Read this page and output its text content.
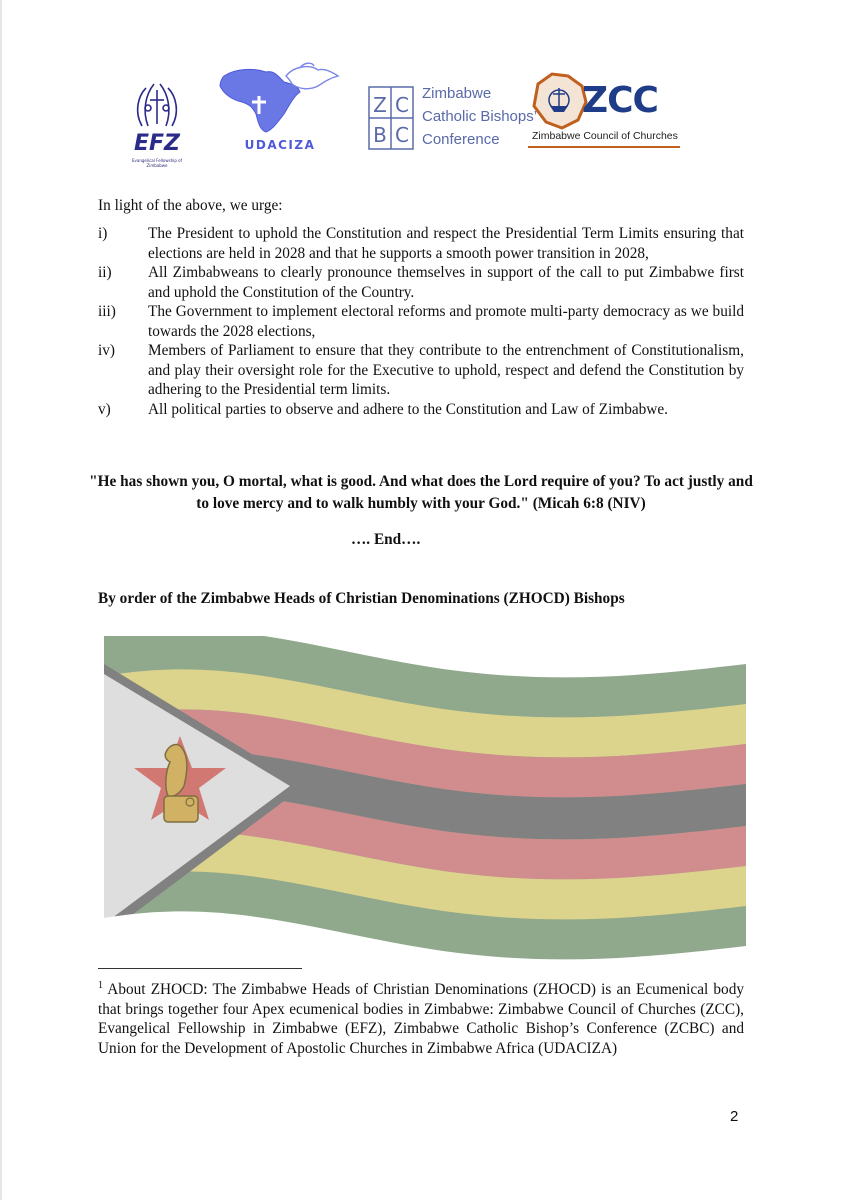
EFZ
Evangelical Fellowship of Zimbabwe
UDACIZA
Z C
B C
Zimbabwe
Catholic Bishops’
Conference
ZCC
Zimbabwe Council of Churches
In light of the above, we urge:
i)	The President to uphold the Constitution and respect the Presidential Term Limits ensuring that elections are held in 2028 and that he supports a smooth power transition in 2028,
ii)	All Zimbabweans to clearly pronounce themselves in support of the call to put Zimbabwe first and uphold the Constitution of the Country.
iii)	The Government to implement electoral reforms and promote multi-party democracy as we build towards the 2028 elections,
iv)	Members of Parliament to ensure that they contribute to the entrenchment of Constitutionalism, and play their oversight role for the Executive to uphold, respect and defend the Constitution by adhering to the Presidential term limits.
v)	All political parties to observe and adhere to the Constitution and Law of Zimbabwe.
"He has shown you, O mortal, what is good. And what does the Lord require of you? To act justly and to love mercy and to walk humbly with your God." (Micah 6:8 (NIV)
…. End….
By order of the Zimbabwe Heads of Christian Denominations (ZHOCD) Bishops
$^1$ About ZHOCD: The Zimbabwe Heads of Christian Denominations (ZHOCD) is an Ecumenical body that brings together four Apex ecumenical bodies in Zimbabwe: Zimbabwe Council of Churches (ZCC), Evangelical Fellowship in Zimbabwe (EFZ), Zimbabwe Catholic Bishop’s Conference (ZCBC) and Union for the Development of Apostolic Churches in Zimbabwe Africa (UDACIZA)
2
